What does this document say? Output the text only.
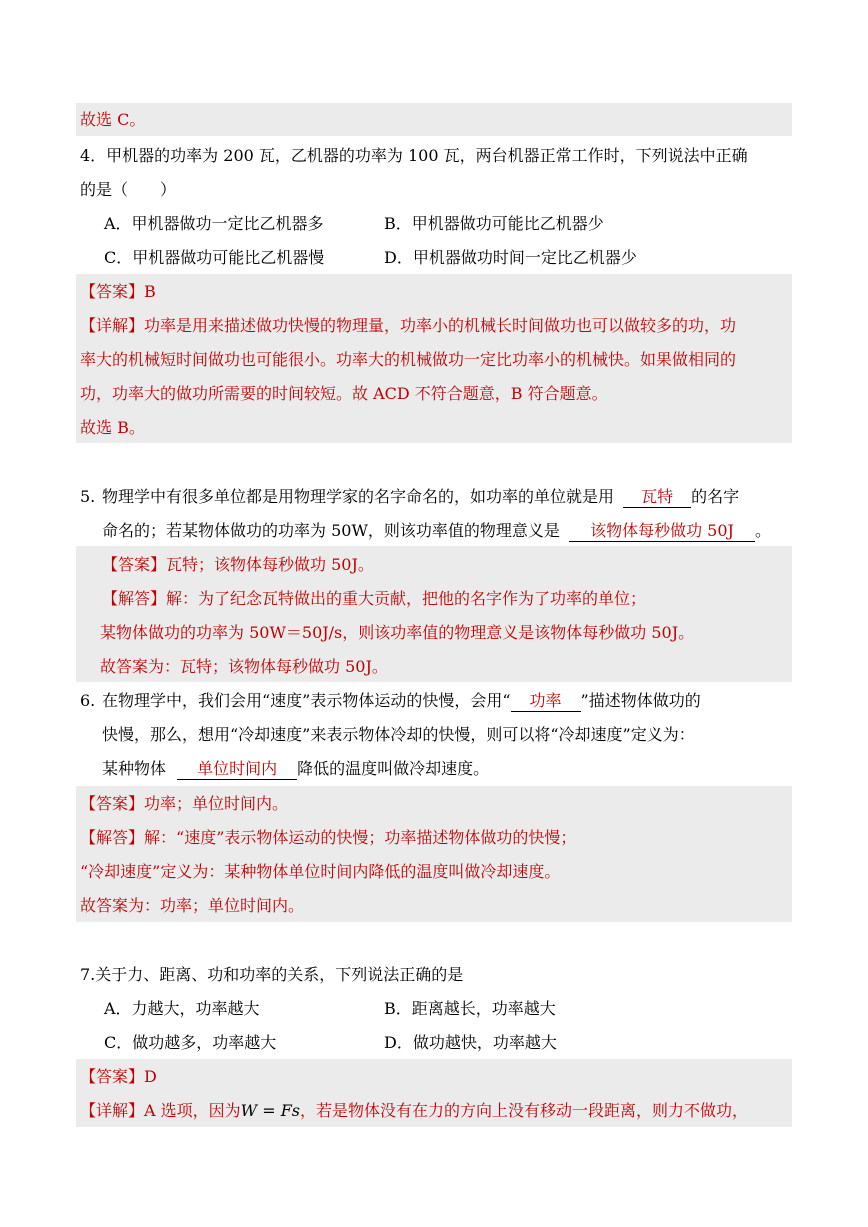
故选 C。
4．甲机器的功率为 200 瓦，乙机器的功率为 100 瓦，两台机器正常工作时，下列说法中正确
的是（　　）
A．甲机器做功一定比乙机器多	B．甲机器做功可能比乙机器少
C．甲机器做功可能比乙机器慢	D．甲机器做功时间一定比乙机器少
【答案】B
【详解】功率是用来描述做功快慢的物理量，功率小的机械长时间做功也可以做较多的功，功
率大的机械短时间做功也可能很小。功率大的机械做功一定比功率小的机械快。如果做相同的
功，功率大的做功所需要的时间较短。故 ACD 不符合题意，B 符合题意。
故选 B。
5. 物理学中有很多单位都是用物理学家的名字命名的，如功率的单位就是用 瓦特 的名字
命名的；若某物体做功的功率为 50W，则该功率值的物理意义是 该物体每秒做功 50J 。
【答案】瓦特；该物体每秒做功 50J。
【解答】解：为了纪念瓦特做出的重大贡献，把他的名字作为了功率的单位；
某物体做功的功率为 50W＝50J/s，则该功率值的物理意义是该物体每秒做功 50J。
故答案为：瓦特；该物体每秒做功 50J。
6. 在物理学中，我们会用“速度”表示物体运动的快慢，会用“ 功率 ”描述物体做功的
快慢，那么，想用“冷却速度”来表示物体冷却的快慢，则可以将“冷却速度”定义为：
某种物体 单位时间内 降低的温度叫做冷却速度。
【答案】功率；单位时间内。
【解答】解：“速度”表示物体运动的快慢；功率描述物体做功的快慢；
“冷却速度”定义为：某种物体单位时间内降低的温度叫做冷却速度。
故答案为：功率；单位时间内。
7.关于力、距离、功和功率的关系，下列说法正确的是
A．力越大，功率越大	B．距离越长，功率越大
C．做功越多，功率越大	D．做功越快，功率越大
【答案】D
【详解】A 选项，因为W = Fs，若是物体没有在力的方向上没有移动一段距离，则力不做功，
